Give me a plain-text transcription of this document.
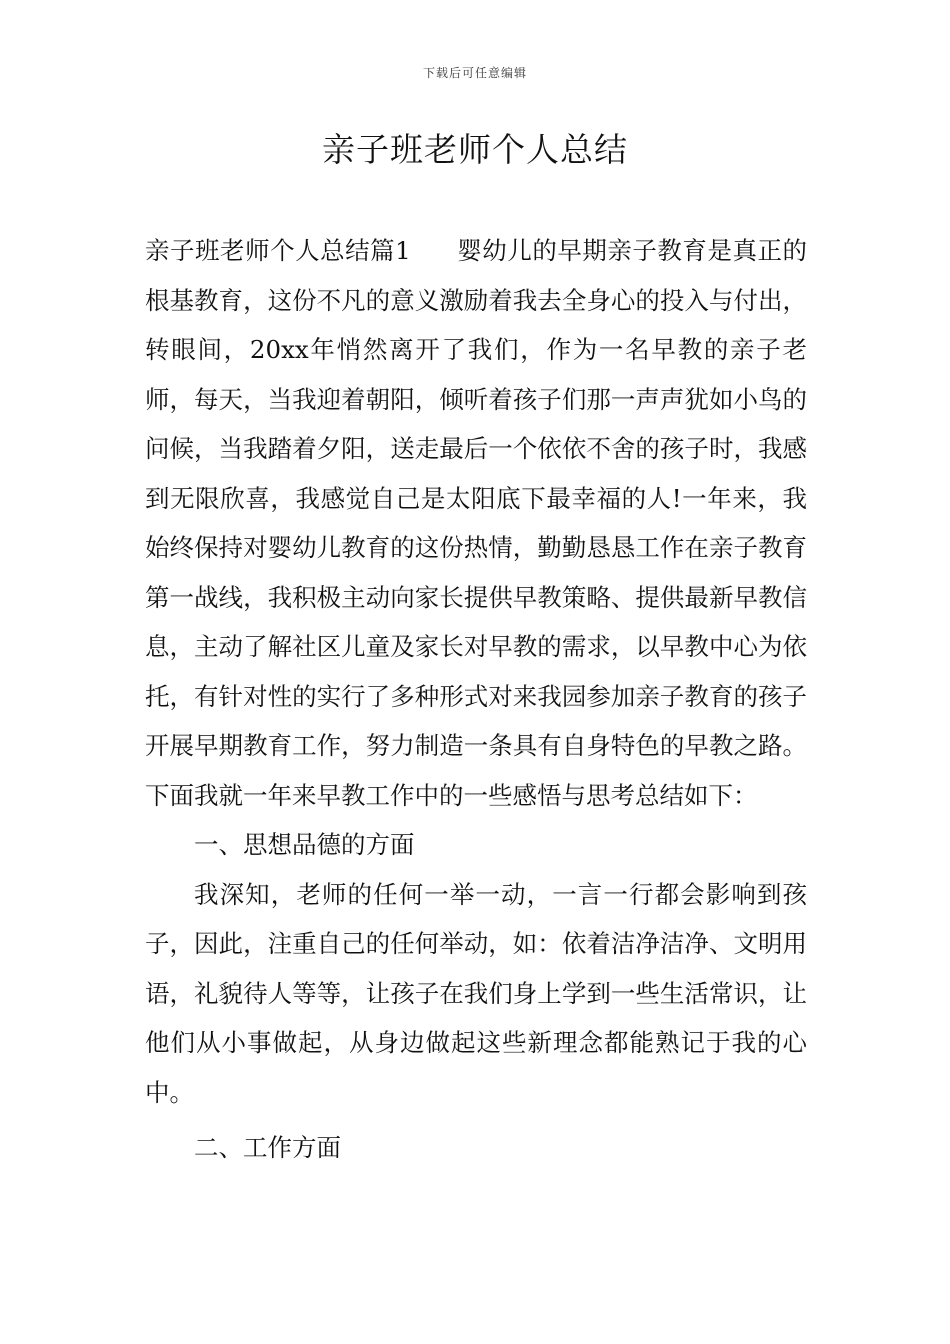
下载后可任意编辑
亲子班老师个人总结

亲子班老师个人总结篇1 婴幼儿的早期亲子教育是真正的根基教育，这份不凡的意义激励着我去全身心的投入与付出，转眼间，20xx年悄然离开了我们，作为一名早教的亲子老师，每天，当我迎着朝阳，倾听着孩子们那一声声犹如小鸟的问候，当我踏着夕阳，送走最后一个依依不舍的孩子时，我感到无限欣喜，我感觉自己是太阳底下最幸福的人!一年来，我始终保持对婴幼儿教育的这份热情，勤勤恳恳工作在亲子教育第一战线，我积极主动向家长提供早教策略、提供最新早教信息，主动了解社区儿童及家长对早教的需求，以早教中心为依托，有针对性的实行了多种形式对来我园参加亲子教育的孩子开展早期教育工作，努力制造一条具有自身特色的早教之路。下面我就一年来早教工作中的一些感悟与思考总结如下：

一、思想品德的方面

我深知，老师的任何一举一动，一言一行都会影响到孩子，因此，注重自己的任何举动，如：依着洁净洁净、文明用语，礼貌待人等等，让孩子在我们身上学到一些生活常识，让他们从小事做起，从身边做起这些新理念都能熟记于我的心中。

二、工作方面
